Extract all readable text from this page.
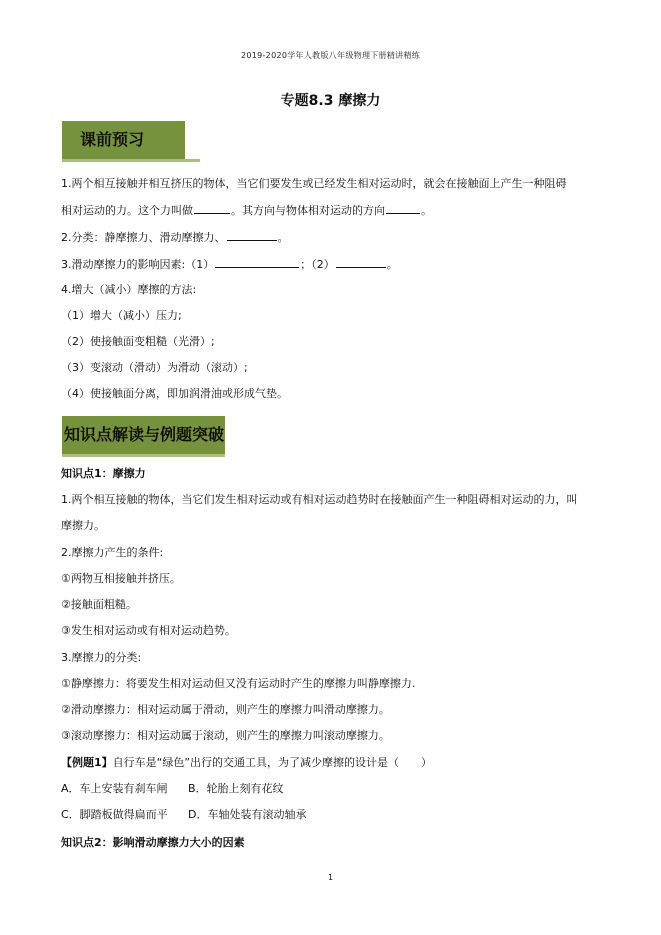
2019-2020学年人教版八年级物理下册精讲精练
专题8.3 摩擦力
课前预习
1.两个相互接触并相互挤压的物体，当它们要发生或已经发生相对运动时，就会在接触面上产生一种阻碍
相对运动的力。这个力叫做	。其方向与物体相对运动的方向	。
2.分类：静摩擦力、滑动摩擦力、	。
3.滑动摩擦力的影响因素:（1）	；（2）	。
4.增大（减小）摩擦的方法:
（1）增大（减小）压力;
（2）使接触面变粗糙（光滑）;
（3）变滚动（滑动）为滑动（滚动）;
（4）使接触面分离，即加润滑油或形成气垫。
知识点解读与例题突破
知识点1：摩擦力
1.两个相互接触的物体，当它们发生相对运动或有相对运动趋势时在接触面产生一种阻碍相对运动的力，叫
摩擦力。
2.摩擦力产生的条件:
①两物互相接触并挤压。
②接触面粗糙。
③发生相对运动或有相对运动趋势。
3.摩擦力的分类:
①静摩擦力：将要发生相对运动但又没有运动时产生的摩擦力叫静摩擦力.
②滑动摩擦力：相对运动属于滑动，则产生的摩擦力叫滑动摩擦力。
③滚动摩擦力：相对运动属于滚动，则产生的摩擦力叫滚动摩擦力。
【例题1】自行车是“绿色”出行的交通工具，为了减少摩擦的设计是（　　）
A．车上安装有刹车闸 B．轮胎上刻有花纹
C．脚踏板做得扁而平 D．车轴处装有滚动轴承
知识点2：影响滑动摩擦力大小的因素
1
